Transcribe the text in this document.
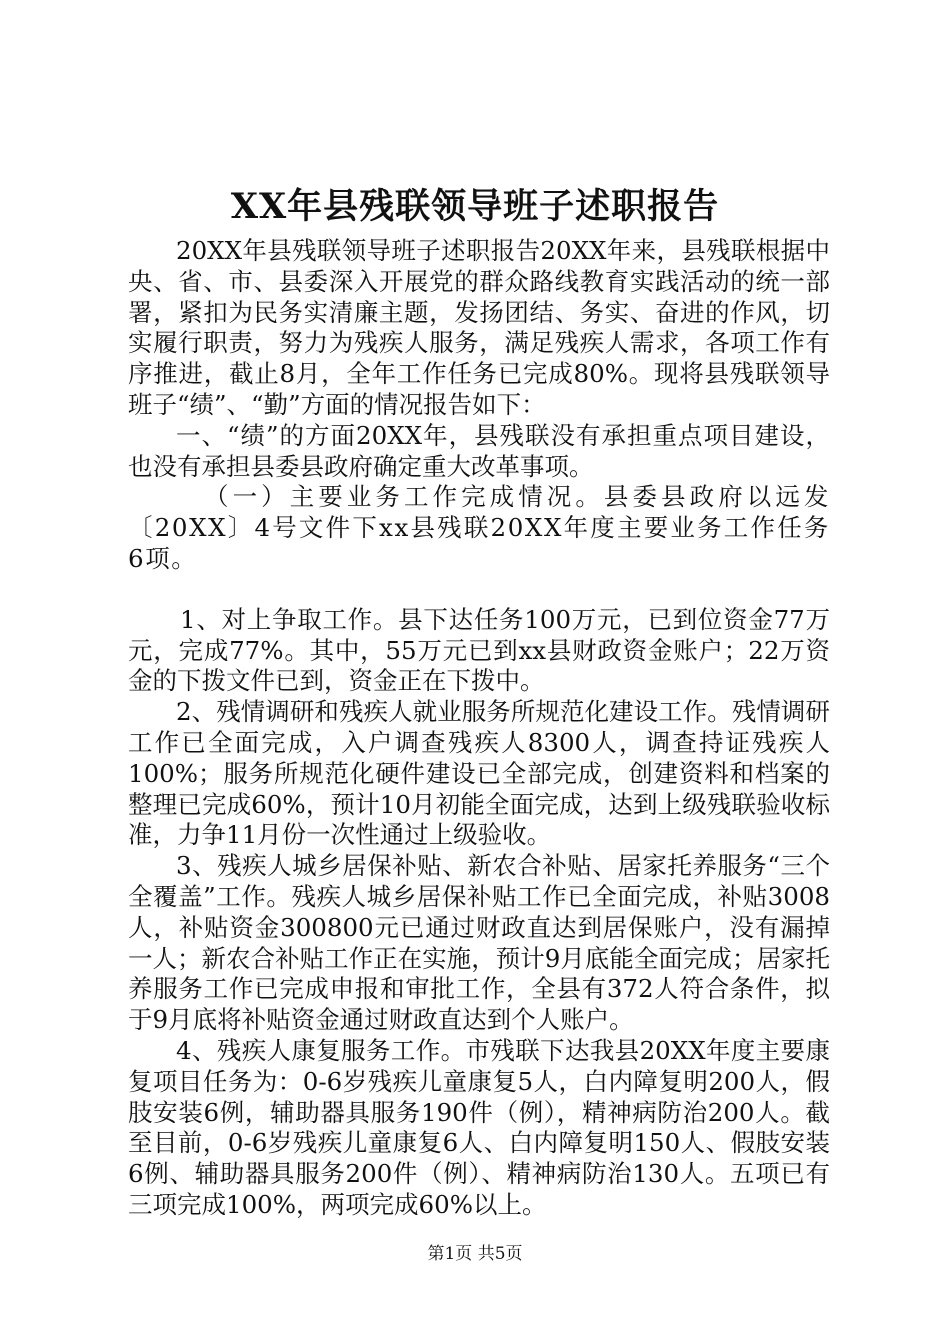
XX年县残联领导班子述职报告

20XX年县残联领导班子述职报告20XX年来，县残联根据中央、省、市、县委深入开展党的群众路线教育实践活动的统一部署，紧扣为民务实清廉主题，发扬团结、务实、奋进的作风，切实履行职责，努力为残疾人服务，满足残疾人需求，各项工作有序推进，截止8月，全年工作任务已完成80%。现将县残联领导班子“绩”、“勤”方面的情况报告如下：

一、“绩”的方面20XX年，县残联没有承担重点项目建设，也没有承担县委县政府确定重大改革事项。

（一）主要业务工作完成情况。县委县政府以远发〔20XX〕4号文件下xx县残联20XX年度主要业务工作任务6项。

1、对上争取工作。县下达任务100万元，已到位资金77万元，完成77%。其中，55万元已到xx县财政资金账户；22万资金的下拨文件已到，资金正在下拨中。

2、残情调研和残疾人就业服务所规范化建设工作。残情调研工作已全面完成，入户调查残疾人8300人，调查持证残疾人100%；服务所规范化硬件建设已全部完成，创建资料和档案的整理已完成60%，预计10月初能全面完成，达到上级残联验收标准，力争11月份一次性通过上级验收。

3、残疾人城乡居保补贴、新农合补贴、居家托养服务“三个全覆盖”工作。残疾人城乡居保补贴工作已全面完成，补贴3008人，补贴资金300800元已通过财政直达到居保账户，没有漏掉一人；新农合补贴工作正在实施，预计9月底能全面完成；居家托养服务工作已完成申报和审批工作，全县有372人符合条件，拟于9月底将补贴资金通过财政直达到个人账户。

4、残疾人康复服务工作。市残联下达我县20XX年度主要康复项目任务为：0-6岁残疾儿童康复5人，白内障复明200人，假肢安装6例，辅助器具服务190件（例），精神病防治200人。截至目前，0-6岁残疾儿童康复6人、白内障复明150人、假肢安装6例、辅助器具服务200件（例）、精神病防治130人。五项已有三项完成100%，两项完成60%以上。

第1页 共5页
